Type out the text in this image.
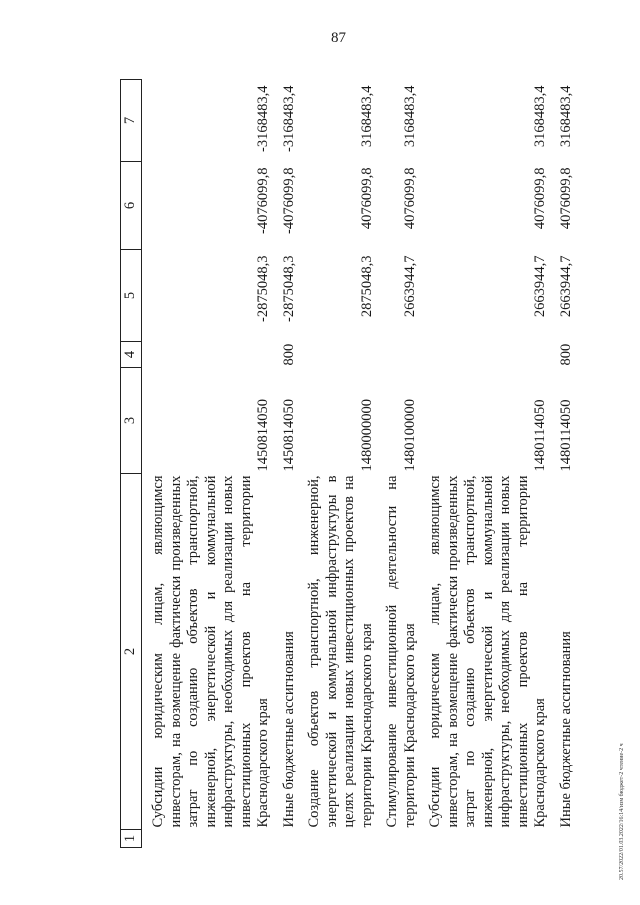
87
20.57/2022/01.03.2022/16:14/изм бюджет-2 чтение-2 ч
1	2	3	4	5	6	7

	Субсидии юридическим лицам, являющимся инвесторам, на возмещение фактически произведенных затрат по созданию объектов транспортной, инженерной, энергетической и коммунальной инфраструктуры, необходимых для реализации новых инвестиционных проектов на территории Краснодарского края	1450814050		-2875048,3	-4076099,8	-3168483,4

	Иные бюджетные ассигнования	1450814050	800	-2875048,3	-4076099,8	-3168483,4

	Создание объектов транспортной, инженерной, энергетической и коммунальной инфраструктуры в целях реализации новых инвестиционных проектов на территории Краснодарского края	1480000000		2875048,3	4076099,8	3168483,4

	Стимулирование инвестиционной деятельности на территории Краснодарского края	1480100000		2663944,7	4076099,8	3168483,4

	Субсидии юридическим лицам, являющимся инвесторам, на возмещение фактически произведенных затрат по созданию объектов транспортной, инженерной, энергетической и коммунальной инфраструктуры, необходимых для реализации новых инвестиционных проектов на территории Краснодарского края	1480114050		2663944,7	4076099,8	3168483,4

	Иные бюджетные ассигнования	1480114050	800	2663944,7	4076099,8	3168483,4
